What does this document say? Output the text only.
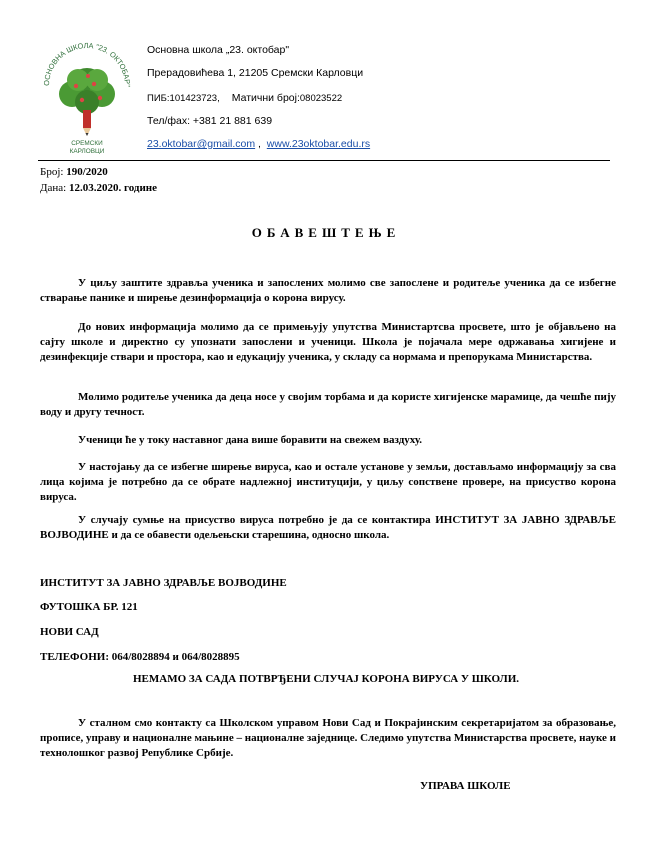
ОСНОВНА ШКОЛА "23. ОКТОБАР"
СРЕМСКИ
КАРЛОВЦИ
Основна школа „23. октобар"
Прерадовићева 1, 21205 Сремски Карловци
ПИБ:101423723, Матични број:08023522
Тел/фах: +381 21 881 639
23.oktobar@gmail.com ,  www.23oktobar.edu.rs
Број: 190/2020
Дана: 12.03.2020. године
ОБАВЕШТЕЊЕ
У циљу заштите здравља ученика и запослених молимо све запослене и родитеље ученика да се избегне стварање панике и ширење дезинформација о корона вирусу.
До нових информација молимо да се примењују упутства Министартсва просвете, што је објављено на сајту школе и директно су упознати запослени и ученици. Школа је појачала мере одржавања хигијене и дезинфекције ствари и простора, као и едукацију ученика, у складу са нормама и препорукама Министарства.
Молимо родитеље ученика да деца носе у својим торбама и да користе хигијенске марамице, да чешће пију воду и другу течност.
Ученици ће у току наставног дана више боравити на свежем ваздуху.
У настојању да се избегне ширење вируса, као и остале установе у земљи, достављамо информацију за сва лица којима је потребно да се обрате надлежној институцији, у циљу сопствене провере, на присуство корона вируса.
У случају сумње на присуство вируса потребно је да се контактира ИНСТИТУТ ЗА ЈАВНО ЗДРАВЉЕ ВОЈВОДИНЕ и да се обавести одељењски старешина, односно школа.
ИНСТИТУТ ЗА ЈАВНО ЗДРАВЉЕ ВОЈВОДИНЕ
ФУТОШКА БР. 121
НОВИ САД
ТЕЛЕФОНИ: 064/8028894 и 064/8028895
НЕМАМО ЗА САДА ПОТВРЂЕНИ СЛУЧАЈ КОРОНА ВИРУСА У ШКОЛИ.
У сталном смо контакту са Школском управом Нови Сад и Покрајинским секретаријатом за образовање, прописе, управу и националне мањине – националне заједнице. Следимо упутства Министарства просвете, науке и технолошког развој Републике Србије.
УПРАВА ШКОЛЕ
